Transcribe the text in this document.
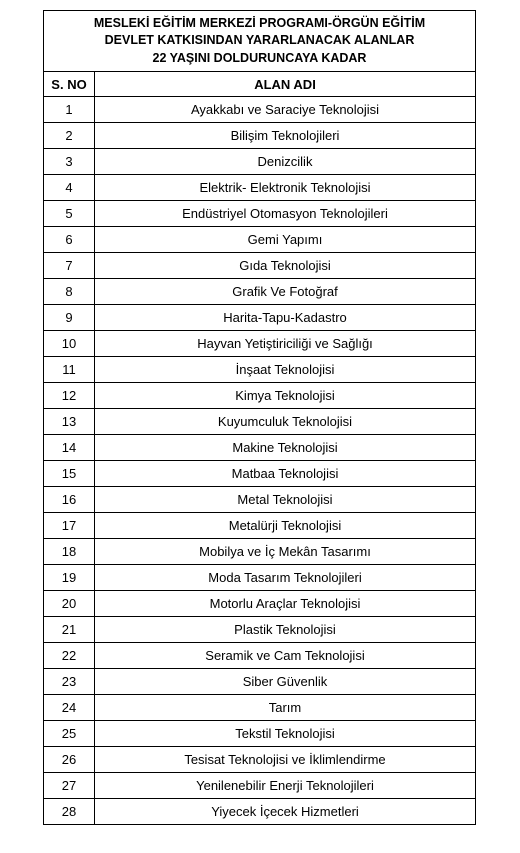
MESLEKİ EĞİTİM MERKEZİ PROGRAMI-ÖRGÜN EĞİTİM
DEVLET KATKISINDAN YARARLANACAK ALANLAR
22 YAŞINI DOLDURUNCAYA KADAR	

S. NO	ALAN ADI
1	Ayakkabı ve Saraciye Teknolojisi
2	Bilişim Teknolojileri
3	Denizcilik
4	Elektrik- Elektronik Teknolojisi
5	Endüstriyel Otomasyon Teknolojileri
6	Gemi Yapımı
7	Gıda Teknolojisi
8	Grafik Ve Fotoğraf
9	Harita-Tapu-Kadastro
10	Hayvan Yetiştiriciliği ve Sağlığı
11	İnşaat Teknolojisi
12	Kimya Teknolojisi
13	Kuyumculuk Teknolojisi
14	Makine Teknolojisi
15	Matbaa Teknolojisi
16	Metal Teknolojisi
17	Metalürji Teknolojisi
18	Mobilya ve İç Mekân Tasarımı
19	Moda Tasarım Teknolojileri
20	Motorlu Araçlar Teknolojisi
21	Plastik Teknolojisi
22	Seramik ve Cam Teknolojisi
23	Siber Güvenlik
24	Tarım
25	Tekstil Teknolojisi
26	Tesisat Teknolojisi ve İklimlendirme
27	Yenilenebilir Enerji Teknolojileri
28	Yiyecek İçecek Hizmetleri
